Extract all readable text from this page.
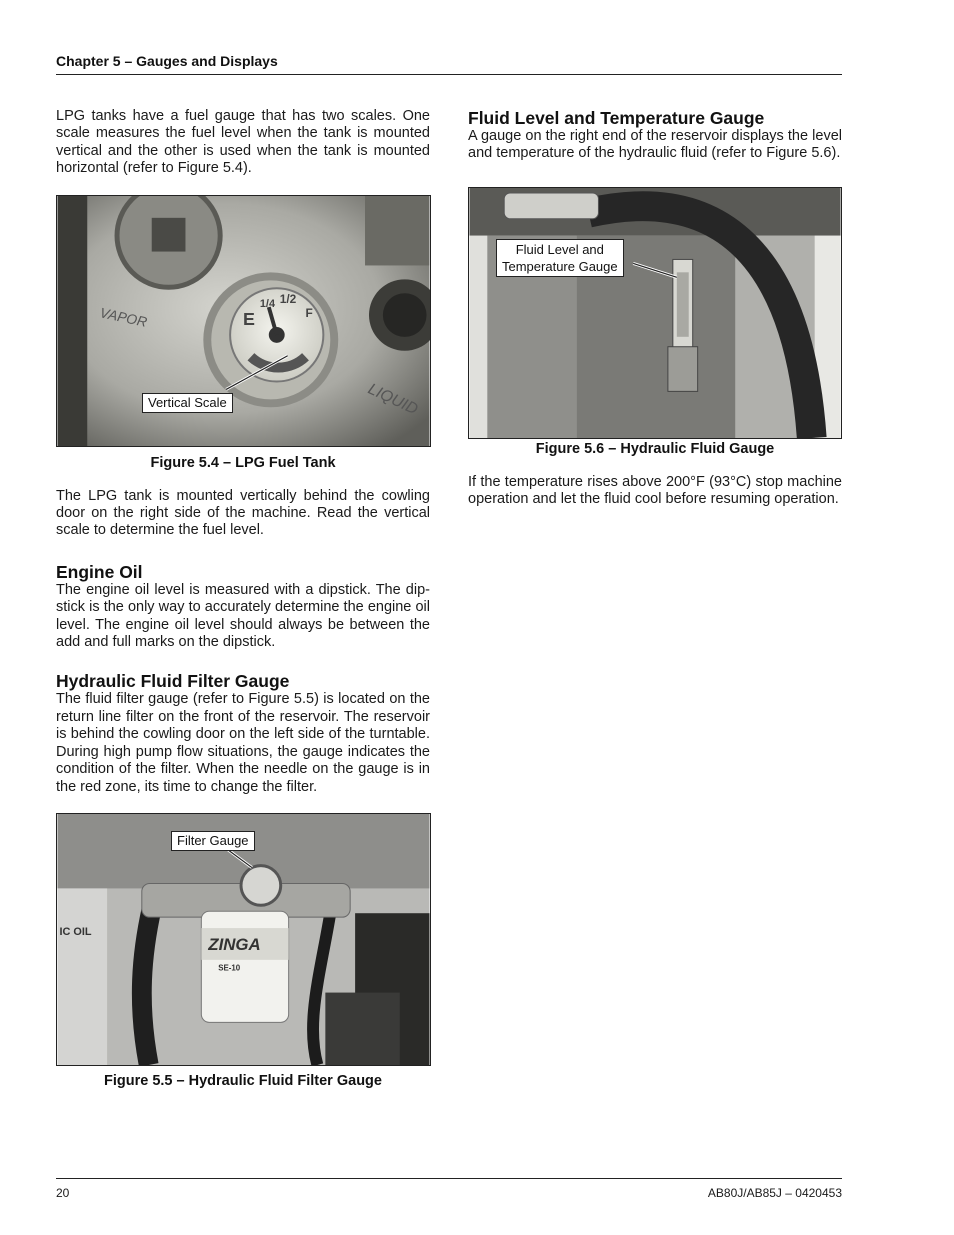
Chapter 5 – Gauges and Displays

LPG tanks have a fuel gauge that has two scales. One scale measures the fuel level when the tank is mounted vertical and the other is used when the tank is mounted horizontal (refer to Figure 5.4).

E
1/4 1/2
F
VAPOR
LIQUID
Vertical Scale
Figure 5.4 – LPG Fuel Tank

The LPG tank is mounted vertically behind the cowling door on the right side of the machine. Read the vertical scale to determine the fuel level.

Engine Oil

The engine oil level is measured with a dipstick. The dipstick is the only way to accurately determine the engine oil level. The engine oil level should always be between the add and full marks on the dipstick.

Hydraulic Fluid Filter Gauge

The fluid filter gauge (refer to Figure 5.5) is located on the return line filter on the front of the reservoir. The reservoir is behind the cowling door on the left side of the turntable. During high pump flow situations, the gauge indicates the condition of the filter. When the needle on the gauge is in the red zone, its time to change the filter.

IC OIL
ZINGA
SE-10
Filter Gauge
Figure 5.5 – Hydraulic Fluid Filter Gauge
Fluid Level and Temperature Gauge

A gauge on the right end of the reservoir displays the level and temperature of the hydraulic fluid (refer to Figure 5.6).

Fluid Level and
Temperature Gauge
Figure 5.6 – Hydraulic Fluid Gauge

If the temperature rises above 200°F (93°C) stop machine operation and let the fluid cool before resuming operation.

20	AB80J/AB85J – 0420453
